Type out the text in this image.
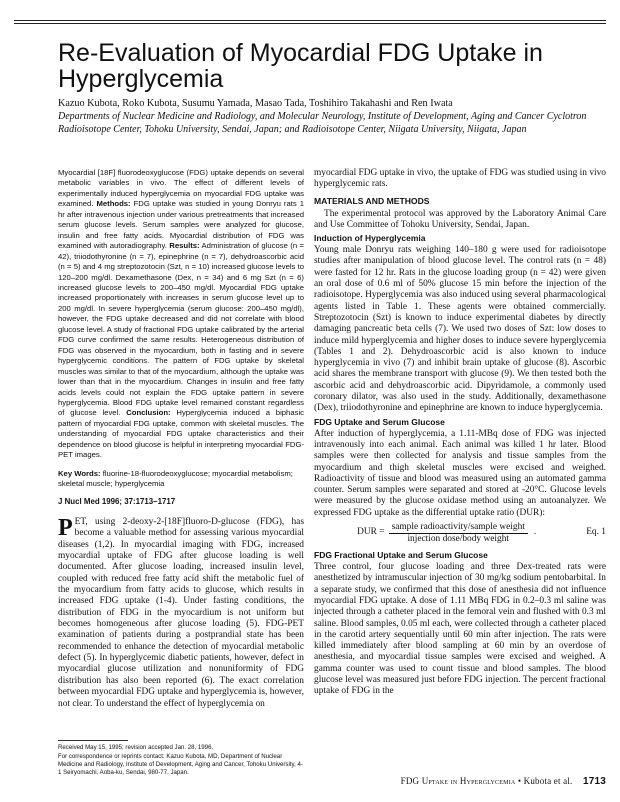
Re-Evaluation of Myocardial FDG Uptake in Hyperglycemia

Kazuo Kubota, Roko Kubota, Susumu Yamada, Masao Tada, Toshihiro Takahashi and Ren Iwata

Departments of Nuclear Medicine and Radiology, and Molecular Neurology, Institute of Development, Aging and Cancer Cyclotron Radioisotope Center, Tohoku University, Sendai, Japan; and Radioisotope Center, Niigata University, Niigata, Japan

Myocardial [18F] fluorodeoxyglucose (FDG) uptake depends on several metabolic variables in vivo. The effect of different levels of experimentally induced hyperglycemia on myocardial FDG uptake was examined. Methods: FDG uptake was studied in young Donryu rats 1 hr after intravenous injection under various pretreatments that increased serum glucose levels. Serum samples were analyzed for glucose, insulin and free fatty acids. Myocardial distribution of FDG was examined with autoradiography. Results: Administration of glucose (n = 42), triiodothyronine (n = 7), epinephrine (n = 7), dehydroascorbic acid (n = 5) and 4 mg streptozotocin (Szt, n = 10) increased glucose levels to 120–200 mg/dl. Dexamethasone (Dex, n = 34) and 6 mg Szt (n = 6) increased glucose levels to 200–450 mg/dl. Myocardial FDG uptake increased proportionately with increases in serum glucose level up to 200 mg/dl. In severe hyperglycemia (serum glucose: 200–450 mg/dl), however, the FDG uptake decreased and did not correlate with blood glucose level. A study of fractional FDG uptake calibrated by the arterial FDG curve confirmed the same results. Heterogeneous distribution of FDG was observed in the myocardium, both in fasting and in severe hyperglycemic conditions. The pattern of FDG uptake by skeletal muscles was similar to that of the myocardium, although the uptake was lower than that in the myocardium. Changes in insulin and free fatty acids levels could not explain the FDG uptake pattern in severe hyperglycemia. Blood FDG uptake level remained constant regardless of glucose level. Conclusion: Hyperglycemia induced a biphasic pattern of myocardial FDG uptake, common with skeletal muscles. The understanding of myocardial FDG uptake characteristics and their dependence on blood glucose is helpful in interpreting myocardial FDG-PET images.

Key Words: fluorine-18-fluorodeoxyglucose; myocardial metabolism; skeletal muscle; hyperglycemia

J Nucl Med 1996; 37:1713–1717

PET, using 2-deoxy-2-[18F]fluoro-D-glucose (FDG), has become a valuable method for assessing various myocardial diseases (1,2). In myocardial imaging with FDG, increased myocardial uptake of FDG after glucose loading is well documented. After glucose loading, increased insulin level, coupled with reduced free fatty acid shift the metabolic fuel of the myocardium from fatty acids to glucose, which results in increased FDG uptake (1-4). Under fasting conditions, the distribution of FDG in the myocardium is not uniform but becomes homogeneous after glucose loading (5). FDG-PET examination of patients during a postprandial state has been recommended to enhance the detection of myocardial metabolic defect (5). In hyperglycemic diabetic patients, however, defect in myocardial glucose utilization and nonuniformity of FDG distribution has also been reported (6). The exact correlation between myocardial FDG uptake and hyperglycemia is, however, not clear. To understand the effect of hyperglycemia on

Received May 15, 1995; revision accepted Jan. 28, 1996.

For correspondence or reprints contact: Kazuo Kubota, MD, Department of Nuclear Medicine and Radiology, Institute of Development, Aging and Cancer, Tohoku University, 4-1 Seiryomachi, Aoba-ku, Sendai, 980-77, Japan.

myocardial FDG uptake in vivo, the uptake of FDG was studied using in vivo hyperglycemic rats.

MATERIALS AND METHODS

The experimental protocol was approved by the Laboratory Animal Care and Use Committee of Tohoku University, Sendai, Japan.

Induction of Hyperglycemia

Young male Donryu rats weighing 140–180 g were used for radioisotope studies after manipulation of blood glucose level. The control rats (n = 48) were fasted for 12 hr. Rats in the glucose loading group (n = 42) were given an oral dose of 0.6 ml of 50% glucose 15 min before the injection of the radioisotope. Hyperglycemia was also induced using several pharmacological agents listed in Table 1. These agents were obtained commercially. Streptozotocin (Szt) is known to induce experimental diabetes by directly damaging pancreatic beta cells (7). We used two doses of Szt: low doses to induce mild hyperglycemia and higher doses to induce severe hyperglycemia (Tables 1 and 2). Dehydroascorbic acid is also known to induce hyperglycemia in vivo (7) and inhibit brain uptake of glucose (8). Ascorbic acid shares the membrane transport with glucose (9). We then tested both the ascorbic acid and dehydroascorbic acid. Dipyridamole, a commonly used coronary dilator, was also used in the study. Additionally, dexamethasone (Dex), triiodothyronine and epinephrine are known to induce hyperglycemia.

FDG Uptake and Serum Glucose

After induction of hyperglycemia, a 1.11-MBq dose of FDG was injected intravenously into each animal. Each animal was killed 1 hr later. Blood samples were then collected for analysis and tissue samples from the myocardium and thigh skeletal muscles were excised and weighed. Radioactivity of tissue and blood was measured using an automated gamma counter. Serum samples were separated and stored at -20°C. Glucose levels were measured by the glucose oxidase method using an autoanalyzer. We expressed FDG uptake as the differential uptake ratio (DUR):

DUR =
sample radioactivity/sample weight
injection dose/body weight
.	Eq. 1
FDG Fractional Uptake and Serum Glucose

Three control, four glucose loading and three Dex-treated rats were anesthetized by intramuscular injection of 30 mg/kg sodium pentobarbital. In a separate study, we confirmed that this dose of anesthesia did not influence myocardial FDG uptake. A dose of 1.11 MBq FDG in 0.2–0.3 ml saline was injected through a catheter placed in the femoral vein and flushed with 0.3 ml saline. Blood samples, 0.05 ml each, were collected through a catheter placed in the carotid artery sequentially until 60 min after injection. The rats were killed immediately after blood sampling at 60 min by an overdose of anesthesia, and myocardial tissue samples were excised and weighed. A gamma counter was used to count tissue and blood samples. The blood glucose level was measured just before FDG injection. The percent fractional uptake of FDG in the

FDG Uptake in Hyperglycemia • Kubota et al. 1713
